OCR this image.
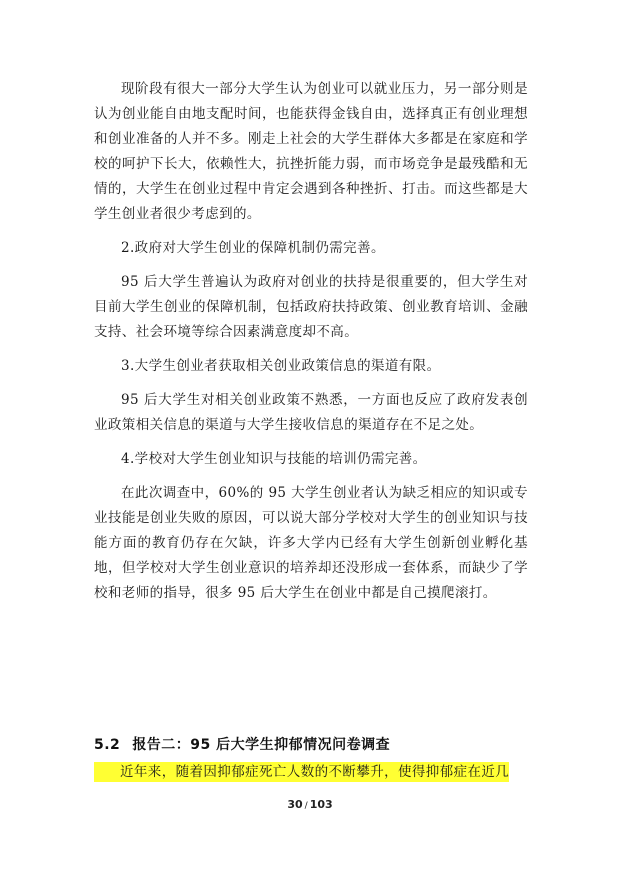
现阶段有很大一部分大学生认为创业可以就业压力，另一部分则是认为创业能自由地支配时间，也能获得金钱自由，选择真正有创业理想和创业准备的人并不多。刚走上社会的大学生群体大多都是在家庭和学校的呵护下长大，依赖性大，抗挫折能力弱，而市场竞争是最残酷和无情的，大学生在创业过程中肯定会遇到各种挫折、打击。而这些都是大学生创业者很少考虑到的。

2.政府对大学生创业的保障机制仍需完善。

95 后大学生普遍认为政府对创业的扶持是很重要的，但大学生对目前大学生创业的保障机制，包括政府扶持政策、创业教育培训、金融支持、社会环境等综合因素满意度却不高。

3.大学生创业者获取相关创业政策信息的渠道有限。

95 后大学生对相关创业政策不熟悉，一方面也反应了政府发表创业政策相关信息的渠道与大学生接收信息的渠道存在不足之处。

4.学校对大学生创业知识与技能的培训仍需完善。

在此次调查中，60%的 95 大学生创业者认为缺乏相应的知识或专业技能是创业失败的原因，可以说大部分学校对大学生的创业知识与技能方面的教育仍存在欠缺，许多大学内已经有大学生创新创业孵化基地，但学校对大学生创业意识的培养却还没形成一套体系，而缺少了学校和老师的指导，很多 95 后大学生在创业中都是自己摸爬滚打。

5.2 报告二：95 后大学生抑郁情况问卷调查

近年来，随着因抑郁症死亡人数的不断攀升，使得抑郁症在近几

30 / 103
